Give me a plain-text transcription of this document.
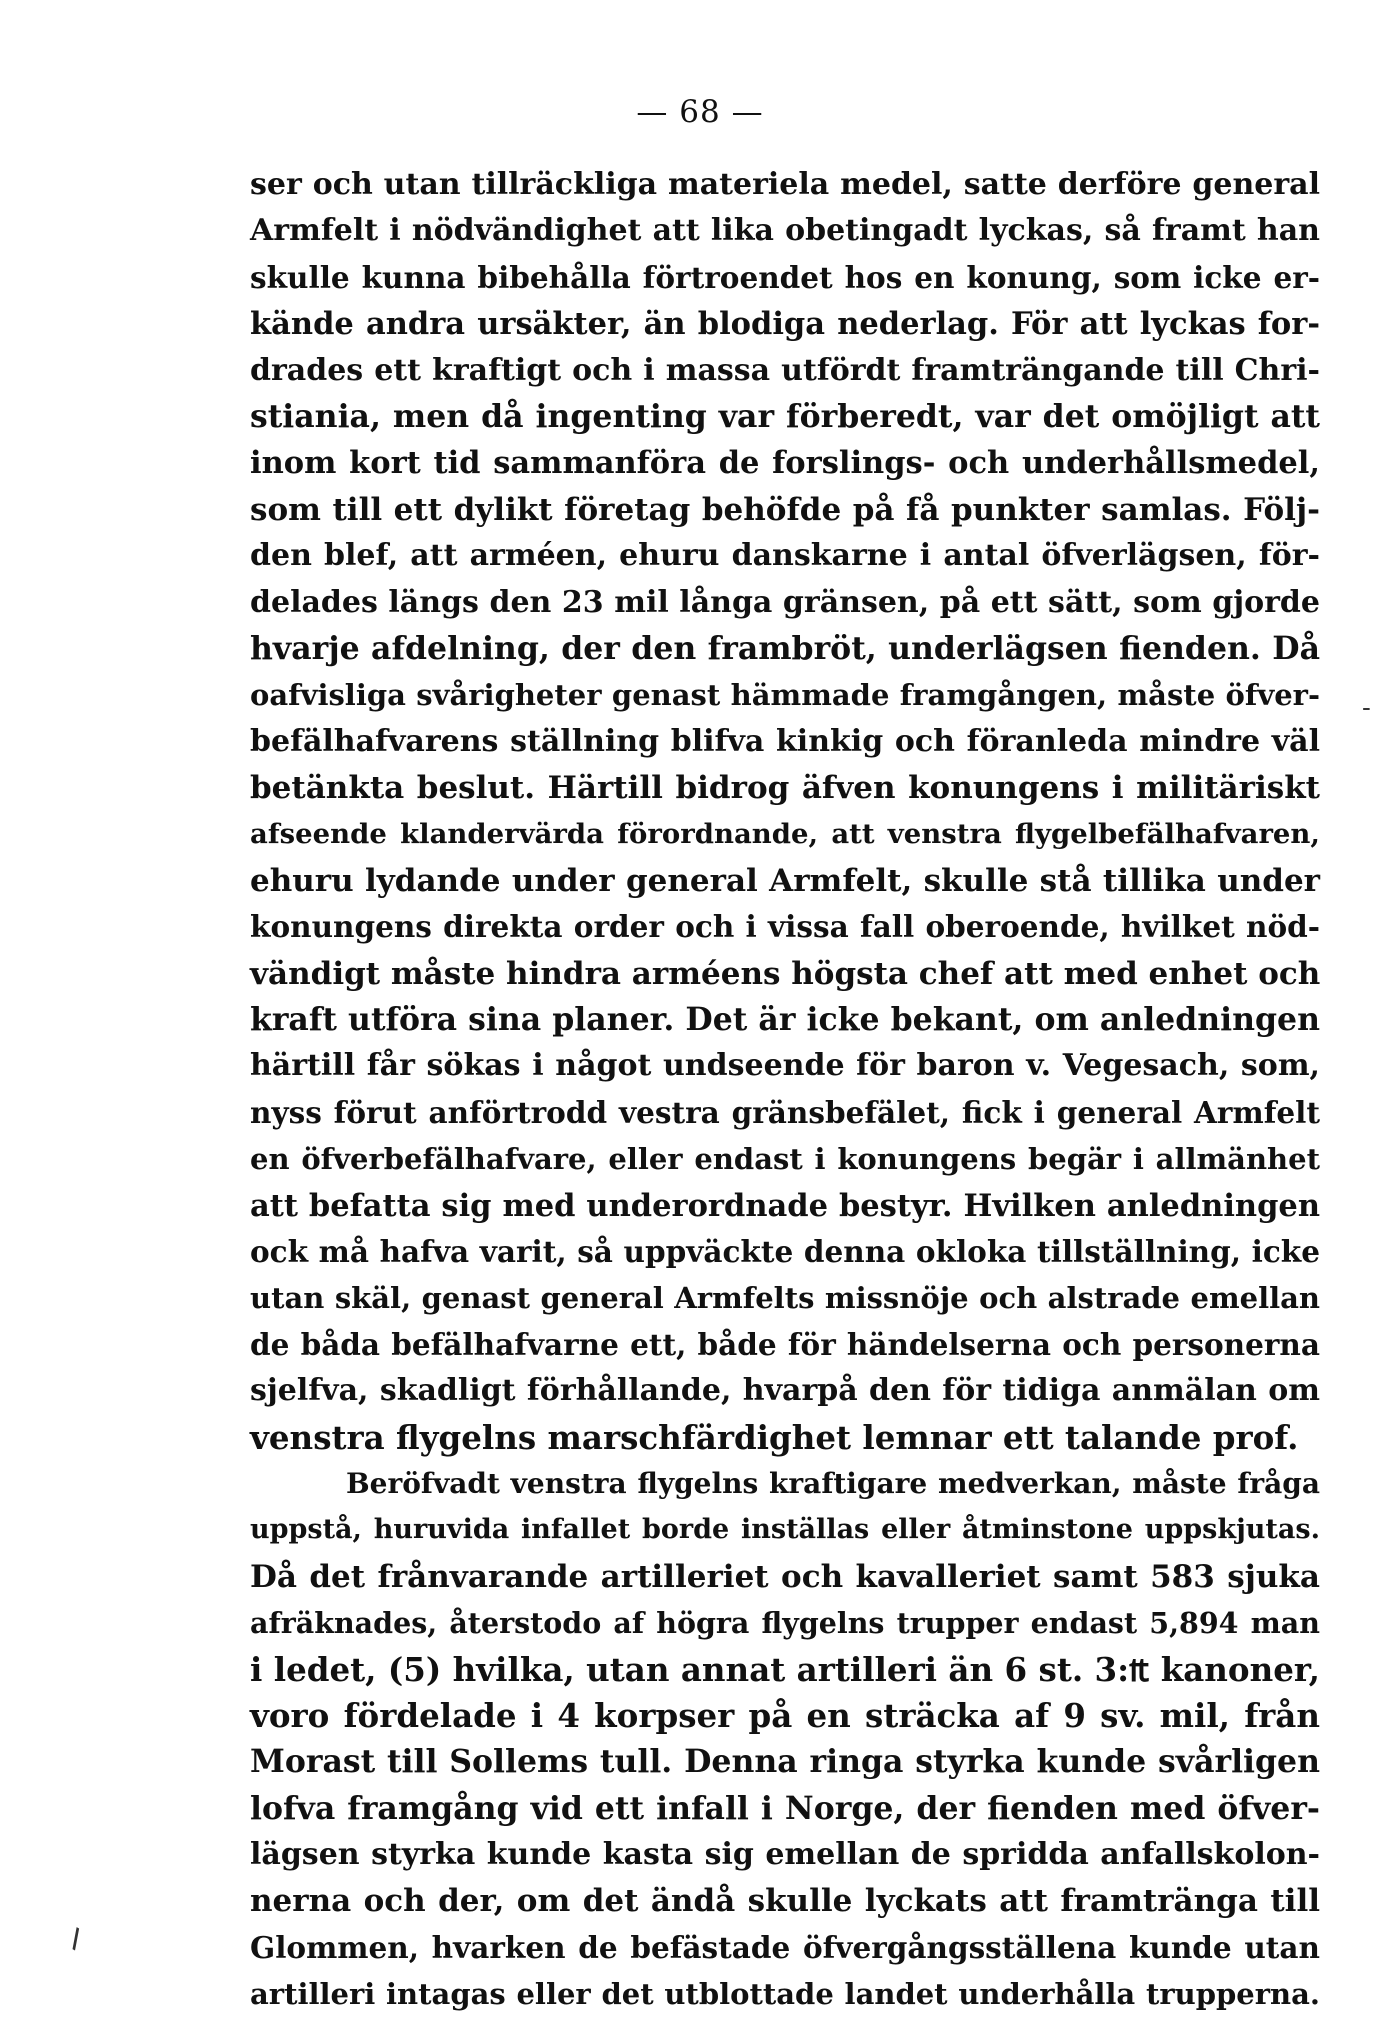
— 68 —
ser och utan tillräckliga materiela medel, satte derföre general
Armfelt i nödvändighet att lika obetingadt lyckas, så framt han
skulle kunna bibehålla förtroendet hos en konung, som icke er-
kände andra ursäkter, än blodiga nederlag. För att lyckas for-
drades ett kraftigt och i massa utfördt framträngande till Chri-
stiania, men då ingenting var förberedt, var det omöjligt att
inom kort tid sammanföra de forslings- och underhållsmedel,
som till ett dylikt företag behöfde på få punkter samlas. Följ-
den blef, att arméen, ehuru danskarne i antal öfverlägsen, för-
delades längs den 23 mil långa gränsen, på ett sätt, som gjorde
hvarje afdelning, der den frambröt, underlägsen fienden. Då
oafvisliga svårigheter genast hämmade framgången, måste öfver-
befälhafvarens ställning blifva kinkig och föranleda mindre väl
betänkta beslut. Härtill bidrog äfven konungens i militäriskt
afseende klandervärda förordnande, att venstra flygelbefälhafvaren,
ehuru lydande under general Armfelt, skulle stå tillika under
konungens direkta order och i vissa fall oberoende, hvilket nöd-
vändigt måste hindra arméens högsta chef att med enhet och
kraft utföra sina planer. Det är icke bekant, om anledningen
härtill får sökas i något undseende för baron v. Vegesach, som,
nyss förut anförtrodd vestra gränsbefälet, fick i general Armfelt
en öfverbefälhafvare, eller endast i konungens begär i allmänhet
att befatta sig med underordnade bestyr. Hvilken anledningen
ock må hafva varit, så uppväckte denna okloka tillställning, icke
utan skäl, genast general Armfelts missnöje och alstrade emellan
de båda befälhafvarne ett, både för händelserna och personerna
sjelfva, skadligt förhållande, hvarpå den för tidiga anmälan om
venstra flygelns marschfärdighet lemnar ett talande prof.
Beröfvadt venstra flygelns kraftigare medverkan, måste fråga
uppstå, huruvida infallet borde inställas eller åtminstone uppskjutas.
Då det frånvarande artilleriet och kavalleriet samt 583 sjuka
afräknades, återstodo af högra flygelns trupper endast 5,894 man
i ledet, (5) hvilka, utan annat artilleri än 6 st. 3:₶ kanoner,
voro fördelade i 4 korpser på en sträcka af 9 sv. mil, från
Morast till Sollems tull. Denna ringa styrka kunde svårligen
lofva framgång vid ett infall i Norge, der fienden med öfver-
lägsen styrka kunde kasta sig emellan de spridda anfallskolon-
nerna och der, om det ändå skulle lyckats att framtränga till
Glommen, hvarken de befästade öfvergångsställena kunde utan
artilleri intagas eller det utblottade landet underhålla trupperna.
-
\
